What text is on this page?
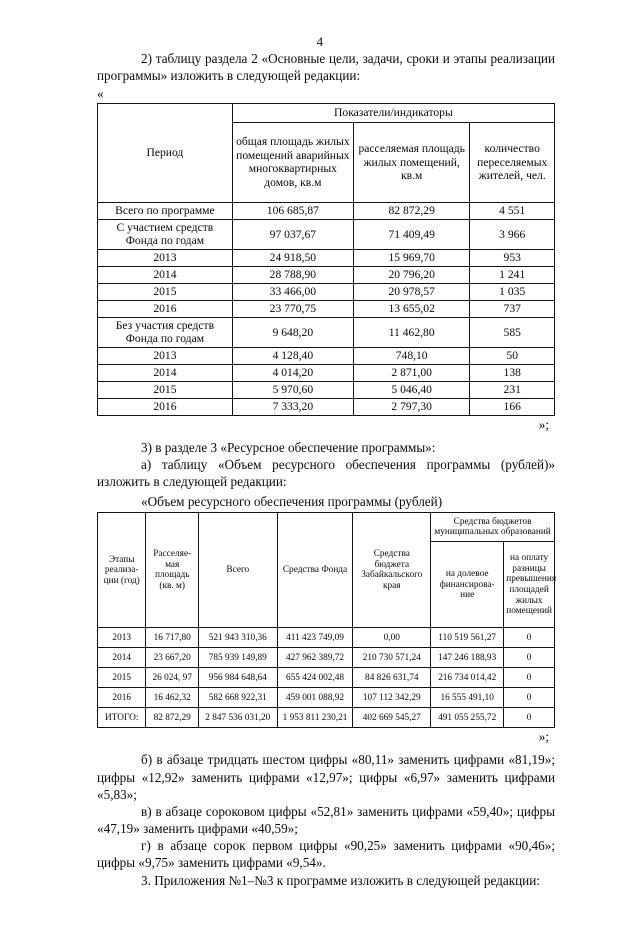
4

2) таблицу раздела 2 «Основные цели, задачи, сроки и этапы реализации программы» изложить в следующей редакции:

«
Период	Показатели/индикаторы		
	общая площадь жилых помещений аварийных многоквартирных домов, кв.м	расселяемая площадь жилых помещений, кв.м	количество переселяемых жителей, чел.
Всего по программе	106 685,87	82 872,29	4 551
С участием средств Фонда по годам	97 037,67	71 409,49	3 966
2013	24 918,50	15 969,70	953
2014	28 788,90	20 796,20	1 241
2015	33 466,00	20 978,57	1 035
2016	23 770,75	13 655,02	737
Без участия средств Фонда по годам	9 648,20	11 462,80	585
2013	4 128,40	748,10	50
2014	4 014,20	2 871,00	138
2015	5 970,60	5 046,40	231
2016	7 333,20	2 797,30	166
»;

3) в разделе 3 «Ресурсное обеспечение программы»:

а) таблицу «Объем ресурсного обеспечения программы (рублей)» изложить в следующей редакции:

«Объем ресурсного обеспечения программы (рублей)
Этапы реализа-ции (год)	Расселяе-мая площадь (кв. м)	Всего	Средства Фонда	Средства бюджета Забайкальского края	Средства бюджетов муниципальных образований	
					на долевое финансирова-ние	на оплату разницы превышения площадей жилых помещений
2013	16 717,80	521 943 310,36	411 423 749,09	0,00	110 519 561,27	0
2014	23 667,20	785 939 149,89	427 962 389,72	210 730 571,24	147 246 188,93	0
2015	26 024, 97	956 984 648,64	655 424 002,48	84 826 631,74	216 734 014,42	0
2016	16 462,32	582 668 922,31	459 001 088,92	107 112 342,29	16 555 491,10	0
ИТОГО:	82 872,29	2 847 536 031,20	1 953 811 230,21	402 669 545,27	491 055 255,72	0
»;

б) в абзаце тридцать шестом цифры «80,11» заменить цифрами «81,19»; цифры «12,92» заменить цифрами «12,97»; цифры «6,97» заменить цифрами «5,83»;

в) в абзаце сороковом цифры «52,81» заменить цифрами «59,40»; цифры «47,19» заменить цифрами «40,59»;

г) в абзаце сорок первом цифры «90,25» заменить цифрами «90,46»; цифры «9,75» заменить цифрами «9,54».

3. Приложения №1–№3 к программе изложить в следующей редакции:
